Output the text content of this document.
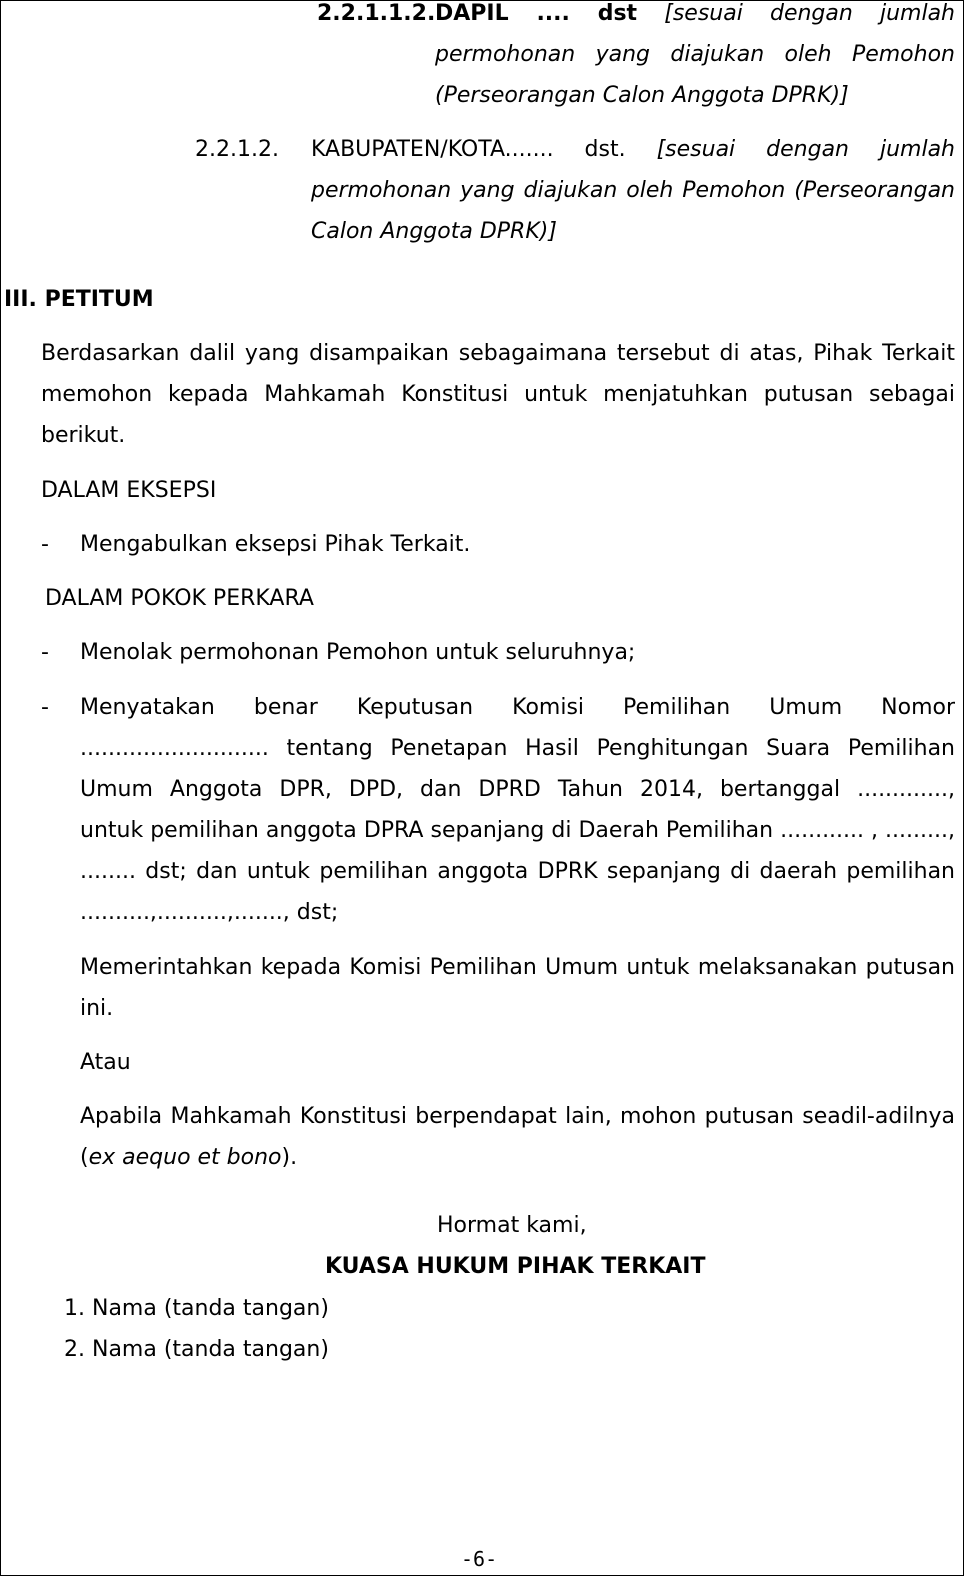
2.2.1.1.2. DAPIL .... dst [sesuai dengan jumlah
permohonan yang diajukan oleh Pemohon
(Perseorangan Calon Anggota DPRK)]
2.2.1.2. KABUPATEN/KOTA....... dst. [sesuai dengan jumlah
permohonan yang diajukan oleh Pemohon (Perseorangan
Calon Anggota DPRK)]
III. PETITUM
Berdasarkan dalil yang disampaikan sebagaimana tersebut di atas, Pihak Terkait
memohon kepada Mahkamah Konstitusi untuk menjatuhkan putusan sebagai
berikut.
DALAM EKSEPSI
- Mengabulkan eksepsi Pihak Terkait.
DALAM POKOK PERKARA
- Menolak permohonan Pemohon untuk seluruhnya;
- Menyatakan benar Keputusan Komisi Pemilihan Umum Nomor
........................... tentang Penetapan Hasil Penghitungan Suara Pemilihan
Umum Anggota DPR, DPD, dan DPRD Tahun 2014, bertanggal .............,
untuk pemilihan anggota DPRA sepanjang di Daerah Pemilihan ............ , .........,
........ dst; dan untuk pemilihan anggota DPRK sepanjang di daerah pemilihan
..........,..........,......., dst;
Memerintahkan kepada Komisi Pemilihan Umum untuk melaksanakan putusan
ini.
Atau
Apabila Mahkamah Konstitusi berpendapat lain, mohon putusan seadil-adilnya
(ex aequo et bono).
Hormat kami,
KUASA HUKUM PIHAK TERKAIT
1. Nama (tanda tangan)
2. Nama (tanda tangan)
-6-
